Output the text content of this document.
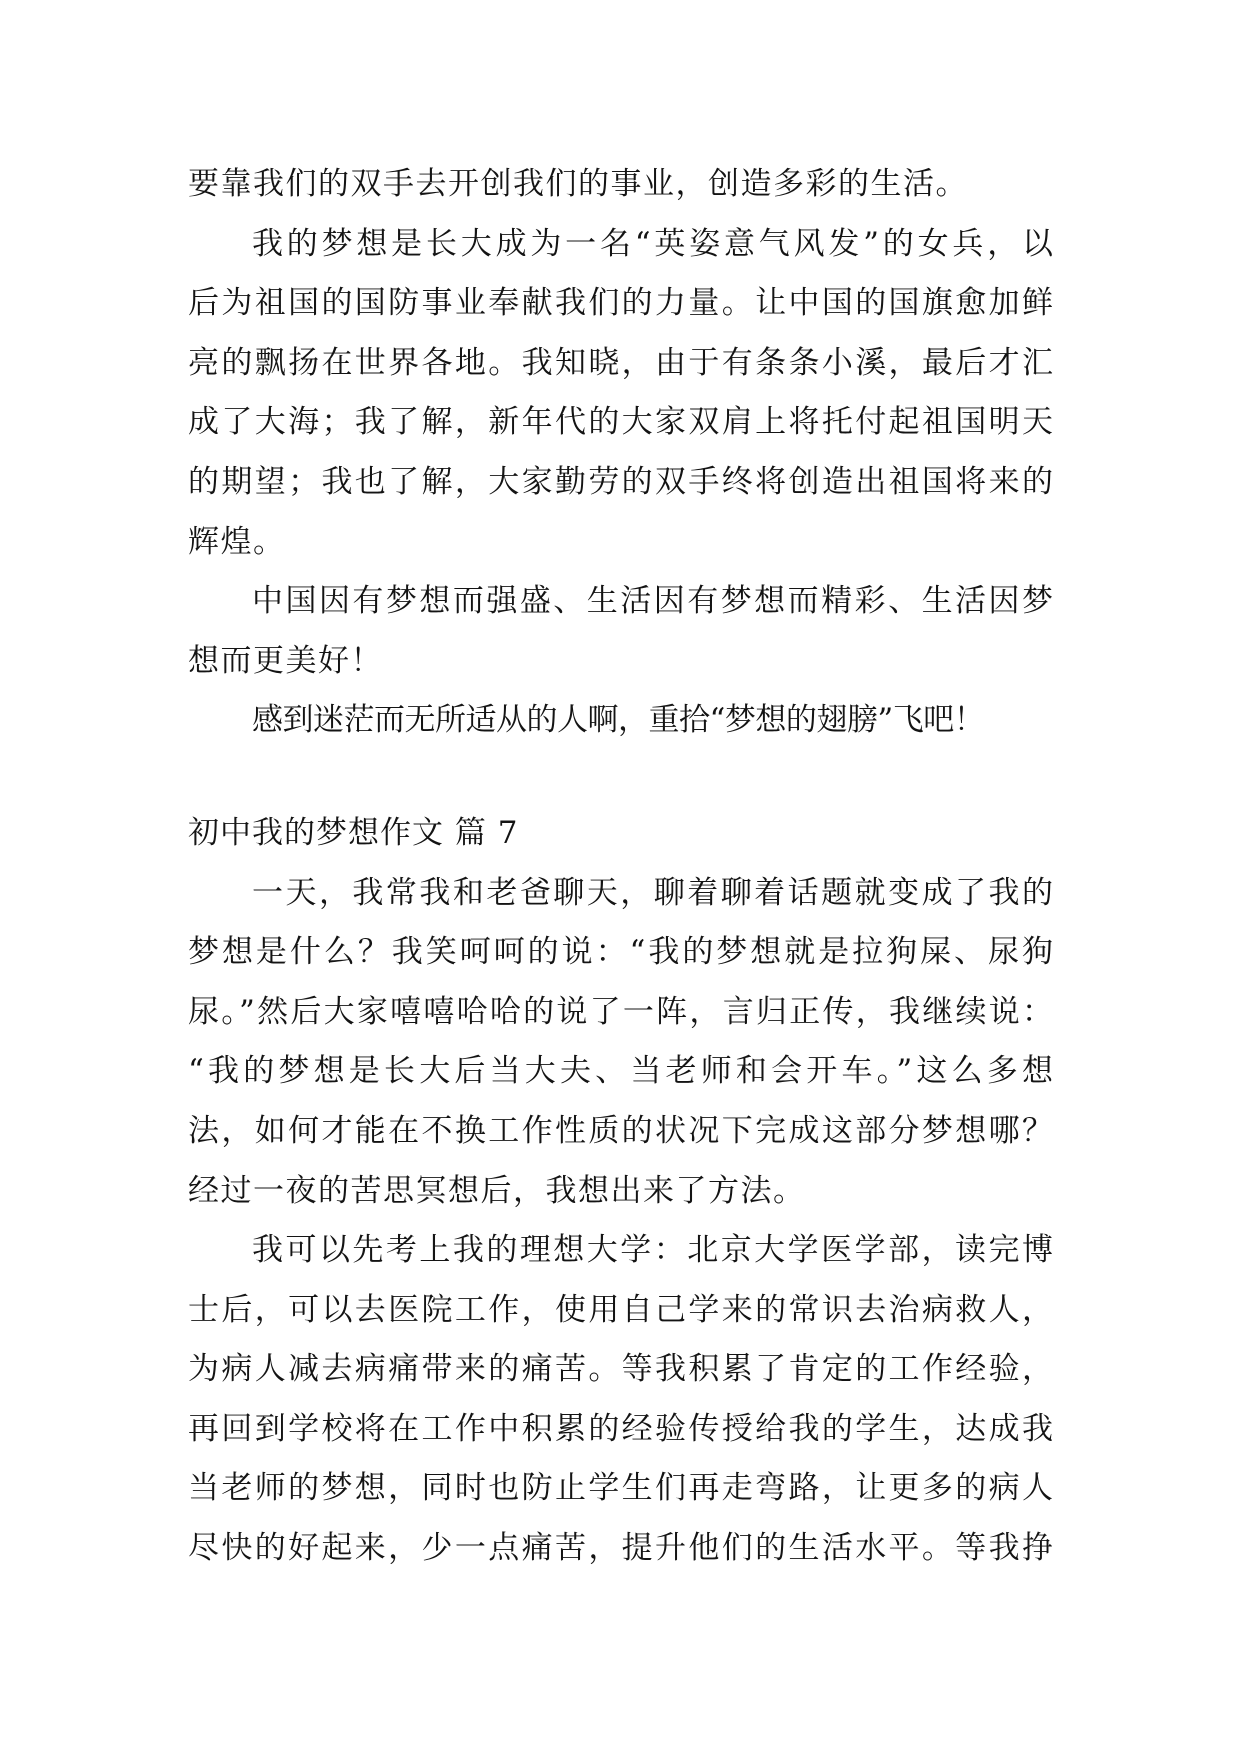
要靠我们的双手去开创我们的事业，创造多彩的生活。
我的梦想是长大成为一名“英姿意气风发”的女兵，以
后为祖国的国防事业奉献我们的力量。让中国的国旗愈加鲜
亮的飘扬在世界各地。我知晓，由于有条条小溪，最后才汇
成了大海；我了解，新年代的大家双肩上将托付起祖国明天
的期望；我也了解，大家勤劳的双手终将创造出祖国将来的
辉煌。
中国因有梦想而强盛、生活因有梦想而精彩、生活因梦
想而更美好！
感到迷茫而无所适从的人啊，重拾“梦想的翅膀”飞吧！
初中我的梦想作文 篇 7
一天，我常我和老爸聊天，聊着聊着话题就变成了我的
梦想是什么？我笑呵呵的说：“我的梦想就是拉狗屎、尿狗
尿。”然后大家嘻嘻哈哈的说了一阵，言归正传，我继续说：
“我的梦想是长大后当大夫、当老师和会开车。”这么多想
法，如何才能在不换工作性质的状况下完成这部分梦想哪？
经过一夜的苦思冥想后，我想出来了方法。
我可以先考上我的理想大学：北京大学医学部，读完博
士后，可以去医院工作，使用自己学来的常识去治病救人，
为病人减去病痛带来的痛苦。等我积累了肯定的工作经验，
再回到学校将在工作中积累的经验传授给我的学生，达成我
当老师的梦想，同时也防止学生们再走弯路，让更多的病人
尽快的好起来，少一点痛苦，提升他们的生活水平。等我挣
